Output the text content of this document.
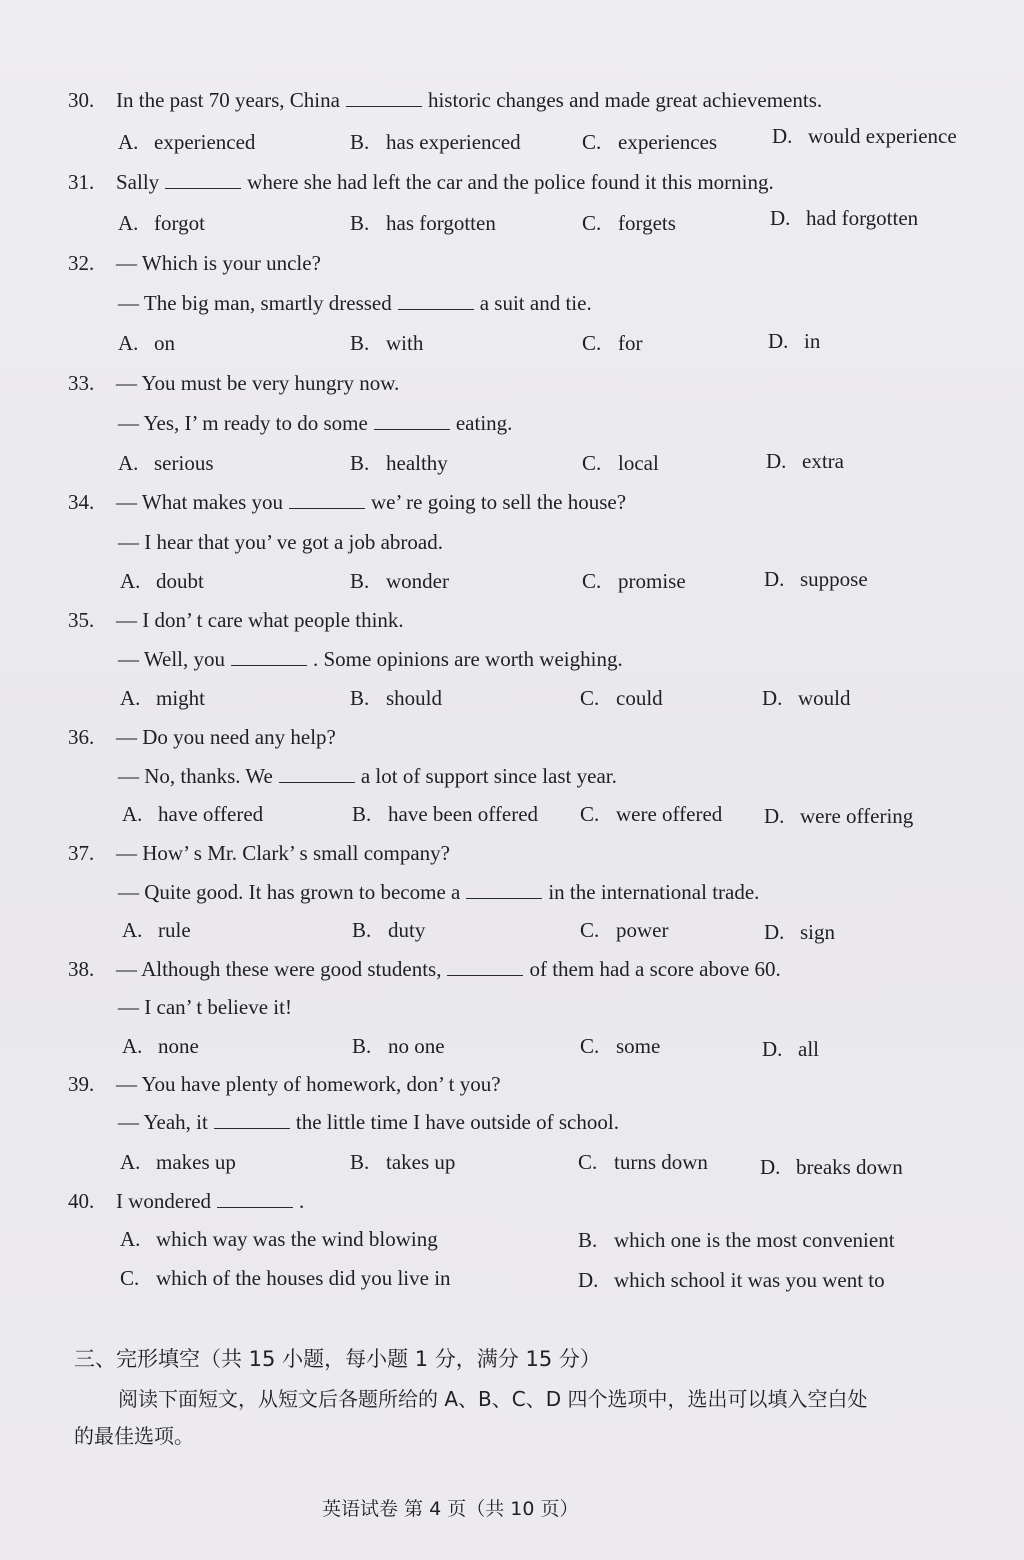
30. In the past 70 years, China	historic changes and made great achievements.
A. experienced	B. has experienced	C. experiences	D. would experience
31. Sally	where she had left the car and the police found it this morning.
A. forgot	B. has forgotten	C. forgets	D. had forgotten
32. — Which is your uncle?
— The big man, smartly dressed	a suit and tie.
A. on	B. with	C. for	D. in
33. — You must be very hungry now.
— Yes, I’ m ready to do some	eating.
A. serious	B. healthy	C. local	D. extra
34. — What makes you	we’ re going to sell the house?
— I hear that you’ ve got a job abroad.
A. doubt	B. wonder	C. promise	D. suppose
35. — I don’ t care what people think.
— Well, you	. Some opinions are worth weighing.
A. might	B. should	C. could	D. would
36. — Do you need any help?
— No, thanks. We	a lot of support since last year.
A. have offered	B. have been offered C. were offered D. were offering
37. — How’ s Mr. Clark’ s small company?
— Quite good. It has grown to become a	in the international trade.
A. rule	B. duty	C. power	D. sign
38. — Although these were good students,	of them had a score above 60.
— I can’ t believe it!
A. none	B. no one	C. some	D. all
39. — You have plenty of homework, don’ t you?
— Yeah, it	the little time I have outside of school.
A. makes up	B. takes up	C. turns down D. breaks down
40. I wondered	.
A. which way was the wind blowing	B. which one is the most convenient
C. which of the houses did you live in	D. which school it was you went to
三、完形填空（共 15 小题，每小题 1 分，满分 15 分）
阅读下面短文，从短文后各题所给的 A、B、C、D 四个选项中，选出可以填入空白处
的最佳选项。
英语试卷 第 4 页（共 10 页）
